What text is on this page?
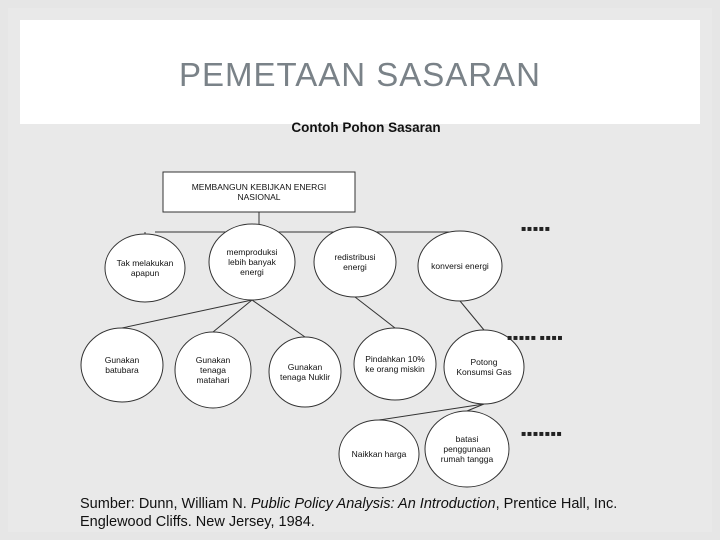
PEMETAAN SASARAN
Contoh Pohon Sasaran
MEMBANGUN KEBIJKAN ENERGI NASIONAL
Tak melakukan apapun
memproduksi lebih banyak energi
redistribusi energi	konversi energi
Gunakan batubara
Gunakan tenaga matahari
Gunakan tenaga Nuklir
Pindahkan 10% ke orang miskin
Potong Konsumsi Gas
Naikkan harga
batasi penggunaan rumah tangga
▪▪▪▪▪
▪▪▪▪▪ ▪▪▪▪
▪▪▪▪▪▪▪
Sumber: Dunn, William N. Public Policy Analysis: An Introduction, Prentice Hall, Inc.
Englewood Cliffs. New Jersey, 1984.
